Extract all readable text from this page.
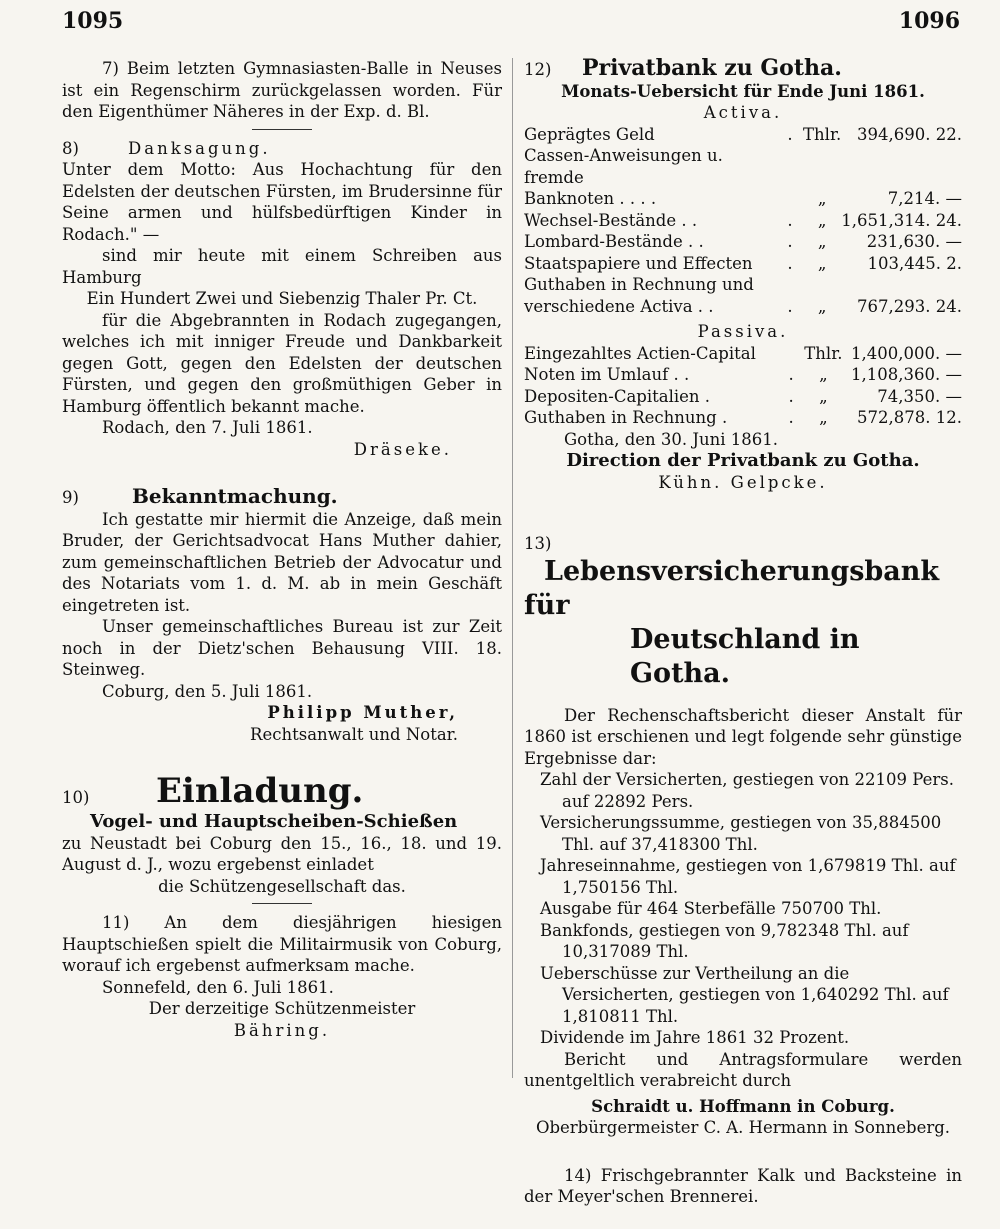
1095	1096

7) Beim letzten Gymnasiasten-Balle in Neuses ist ein Regenschirm zurückgelassen worden. Für den Eigenthümer Näheres in der Exp. d. Bl.

8)	Danksagung.

Unter dem Motto: Aus Hochachtung für den Edelsten der deutschen Fürsten, im Brudersinne für Seine armen und hülfsbedürftigen Kinder in Rodach." —

sind mir heute mit einem Schreiben aus Hamburg

Ein Hundert Zwei und Siebenzig Thaler Pr. Ct.

für die Abgebrannten in Rodach zugegangen, welches ich mit inniger Freude und Dankbarkeit gegen Gott, gegen den Edelsten der deutschen Fürsten, und gegen den großmüthigen Geber in Hamburg öffentlich bekannt mache.

Rodach, den 7. Juli 1861.

Dräseke.

9)	Bekanntmachung.

Ich gestatte mir hiermit die Anzeige, daß mein Bruder, der Gerichtsadvocat Hans Muther dahier, zum gemeinschaftlichen Betrieb der Advocatur und des Notariats vom 1. d. M. ab in mein Geschäft eingetreten ist.

Unser gemeinschaftliches Bureau ist zur Zeit noch in der Dietz'schen Behausung VIII. 18. Steinweg.

Coburg, den 5. Juli 1861.

Philipp Muther,

Rechtsanwalt und Notar.

10) Einladung.

Vogel- und Hauptscheiben-Schießen

zu Neustadt bei Coburg den 15., 16., 18. und 19. August d. J., wozu ergebenst einladet

die Schützengesellschaft das.

11) An dem diesjährigen hiesigen Hauptschießen spielt die Militairmusik von Coburg, worauf ich ergebenst aufmerksam mache.

Sonnefeld, den 6. Juli 1861.

Der derzeitige Schützenmeister

Bähring.

12) Privatbank zu Gotha.

Monats-Uebersicht für Ende Juni 1861.

Activa.

Geprägtes Geld	.	Thlr.	394,690. 22.
Cassen-Anweisungen u. fremde			
Banknoten . . . .		„	7,214. —
Wechsel-Bestände . .	.	„	1,651,314. 24.
Lombard-Bestände . .	.	„	231,630. —
Staatspapiere und Effecten	.	„	103,445. 2.
Guthaben in Rechnung und			
verschiedene Activa . .	.	„	767,293. 24.

Passiva.

Eingezahltes Actien-Capital		Thlr.	1,400,000. —
Noten im Umlauf . .	.	„	1,108,360. —
Depositen-Capitalien .	.	„	74,350. —
Guthaben in Rechnung .	.	„	572,878. 12.

Gotha, den 30. Juni 1861.

Direction der Privatbank zu Gotha.

Kühn. Gelpcke.

13)Lebensversicherungsbank für

Deutschland in Gotha.

Der Rechenschaftsbericht dieser Anstalt für 1860 ist erschienen und legt folgende sehr günstige Ergebnisse dar:

Zahl der Versicherten, gestiegen von 22109 Pers. auf 22892 Pers.

Versicherungssumme, gestiegen von 35,884500 Thl. auf 37,418300 Thl.

Jahreseinnahme, gestiegen von 1,679819 Thl. auf 1,750156 Thl.

Ausgabe für 464 Sterbefälle 750700 Thl.

Bankfonds, gestiegen von 9,782348 Thl. auf 10,317089 Thl.

Ueberschüsse zur Vertheilung an die Versicherten, gestiegen von 1,640292 Thl. auf 1,810811 Thl.

Dividende im Jahre 1861 32 Prozent.

Bericht und Antragsformulare werden unentgeltlich verabreicht durch

Schraidt u. Hoffmann in Coburg.

Oberbürgermeister C. A. Hermann in Sonneberg.

14) Frischgebrannter Kalk und Backsteine in der Meyer'schen Brennerei.
